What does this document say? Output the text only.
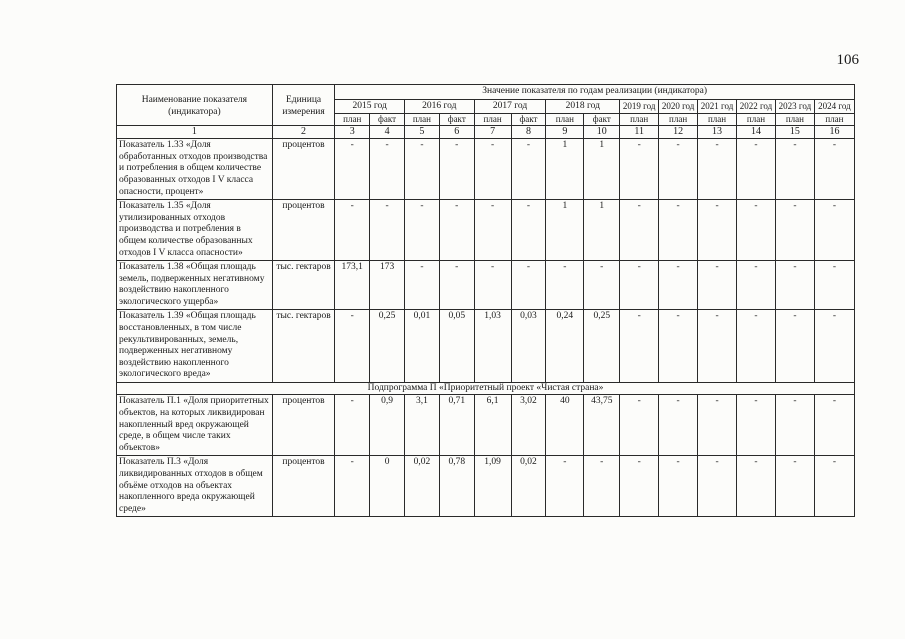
106
Наименование показателя (индикатора)	Единица измерения	Значение показателя по годам реализации (индикатора)													
		2015 год		2016 год		2017 год		2018 год		2019 год	2020 год	2021 год	2022 год	2023 год	2024 год
		план	факт	план	факт	план	факт	план	факт	план	план	план	план	план	план
1	2	3	4	5	6	7	8	9	10	11	12	13	14	15	16
Показатель 1.33 «Доля обработанных отходов производства и потребления в общем количестве образованных отходов I V класса опасности, процент»	процентов	-	-	-	-	-	-	1	1	-	-	-	-	-	-
Показатель 1.35 «Доля утилизированных отходов производства и потребления в общем количестве образованных отходов I V класса опасности»	процентов	-	-	-	-	-	-	1	1	-	-	-	-	-	-
Показатель 1.38 «Общая площадь земель, подверженных негативному воздействию накопленного экологического ущерба»	тыс. гектаров	173,1	173	-	-	-	-	-	-	-	-	-	-	-	-
Показатель 1.39 «Общая площадь восстановленных, в том числе рекультивированных, земель, подверженных негативному воздействию накопленного экологического вреда»	тыс. гектаров	-	0,25	0,01	0,05	1,03	0,03	0,24	0,25	-	-	-	-	-	-
Подпрограмма П «Приоритетный проект «Чистая страна»															
Показатель П.1 «Доля приоритетных объектов, на которых ликвидирован накопленный вред окружающей среде, в общем числе таких объектов»	процентов	-	0,9	3,1	0,71	6,1	3,02	40	43,75	-	-	-	-	-	-
Показатель П.3 «Доля ликвидированных отходов в общем объёме отходов на объектах накопленного вреда окружающей среде»	процентов	-	0	0,02	0,78	1,09	0,02	-	-	-	-	-	-	-	-
